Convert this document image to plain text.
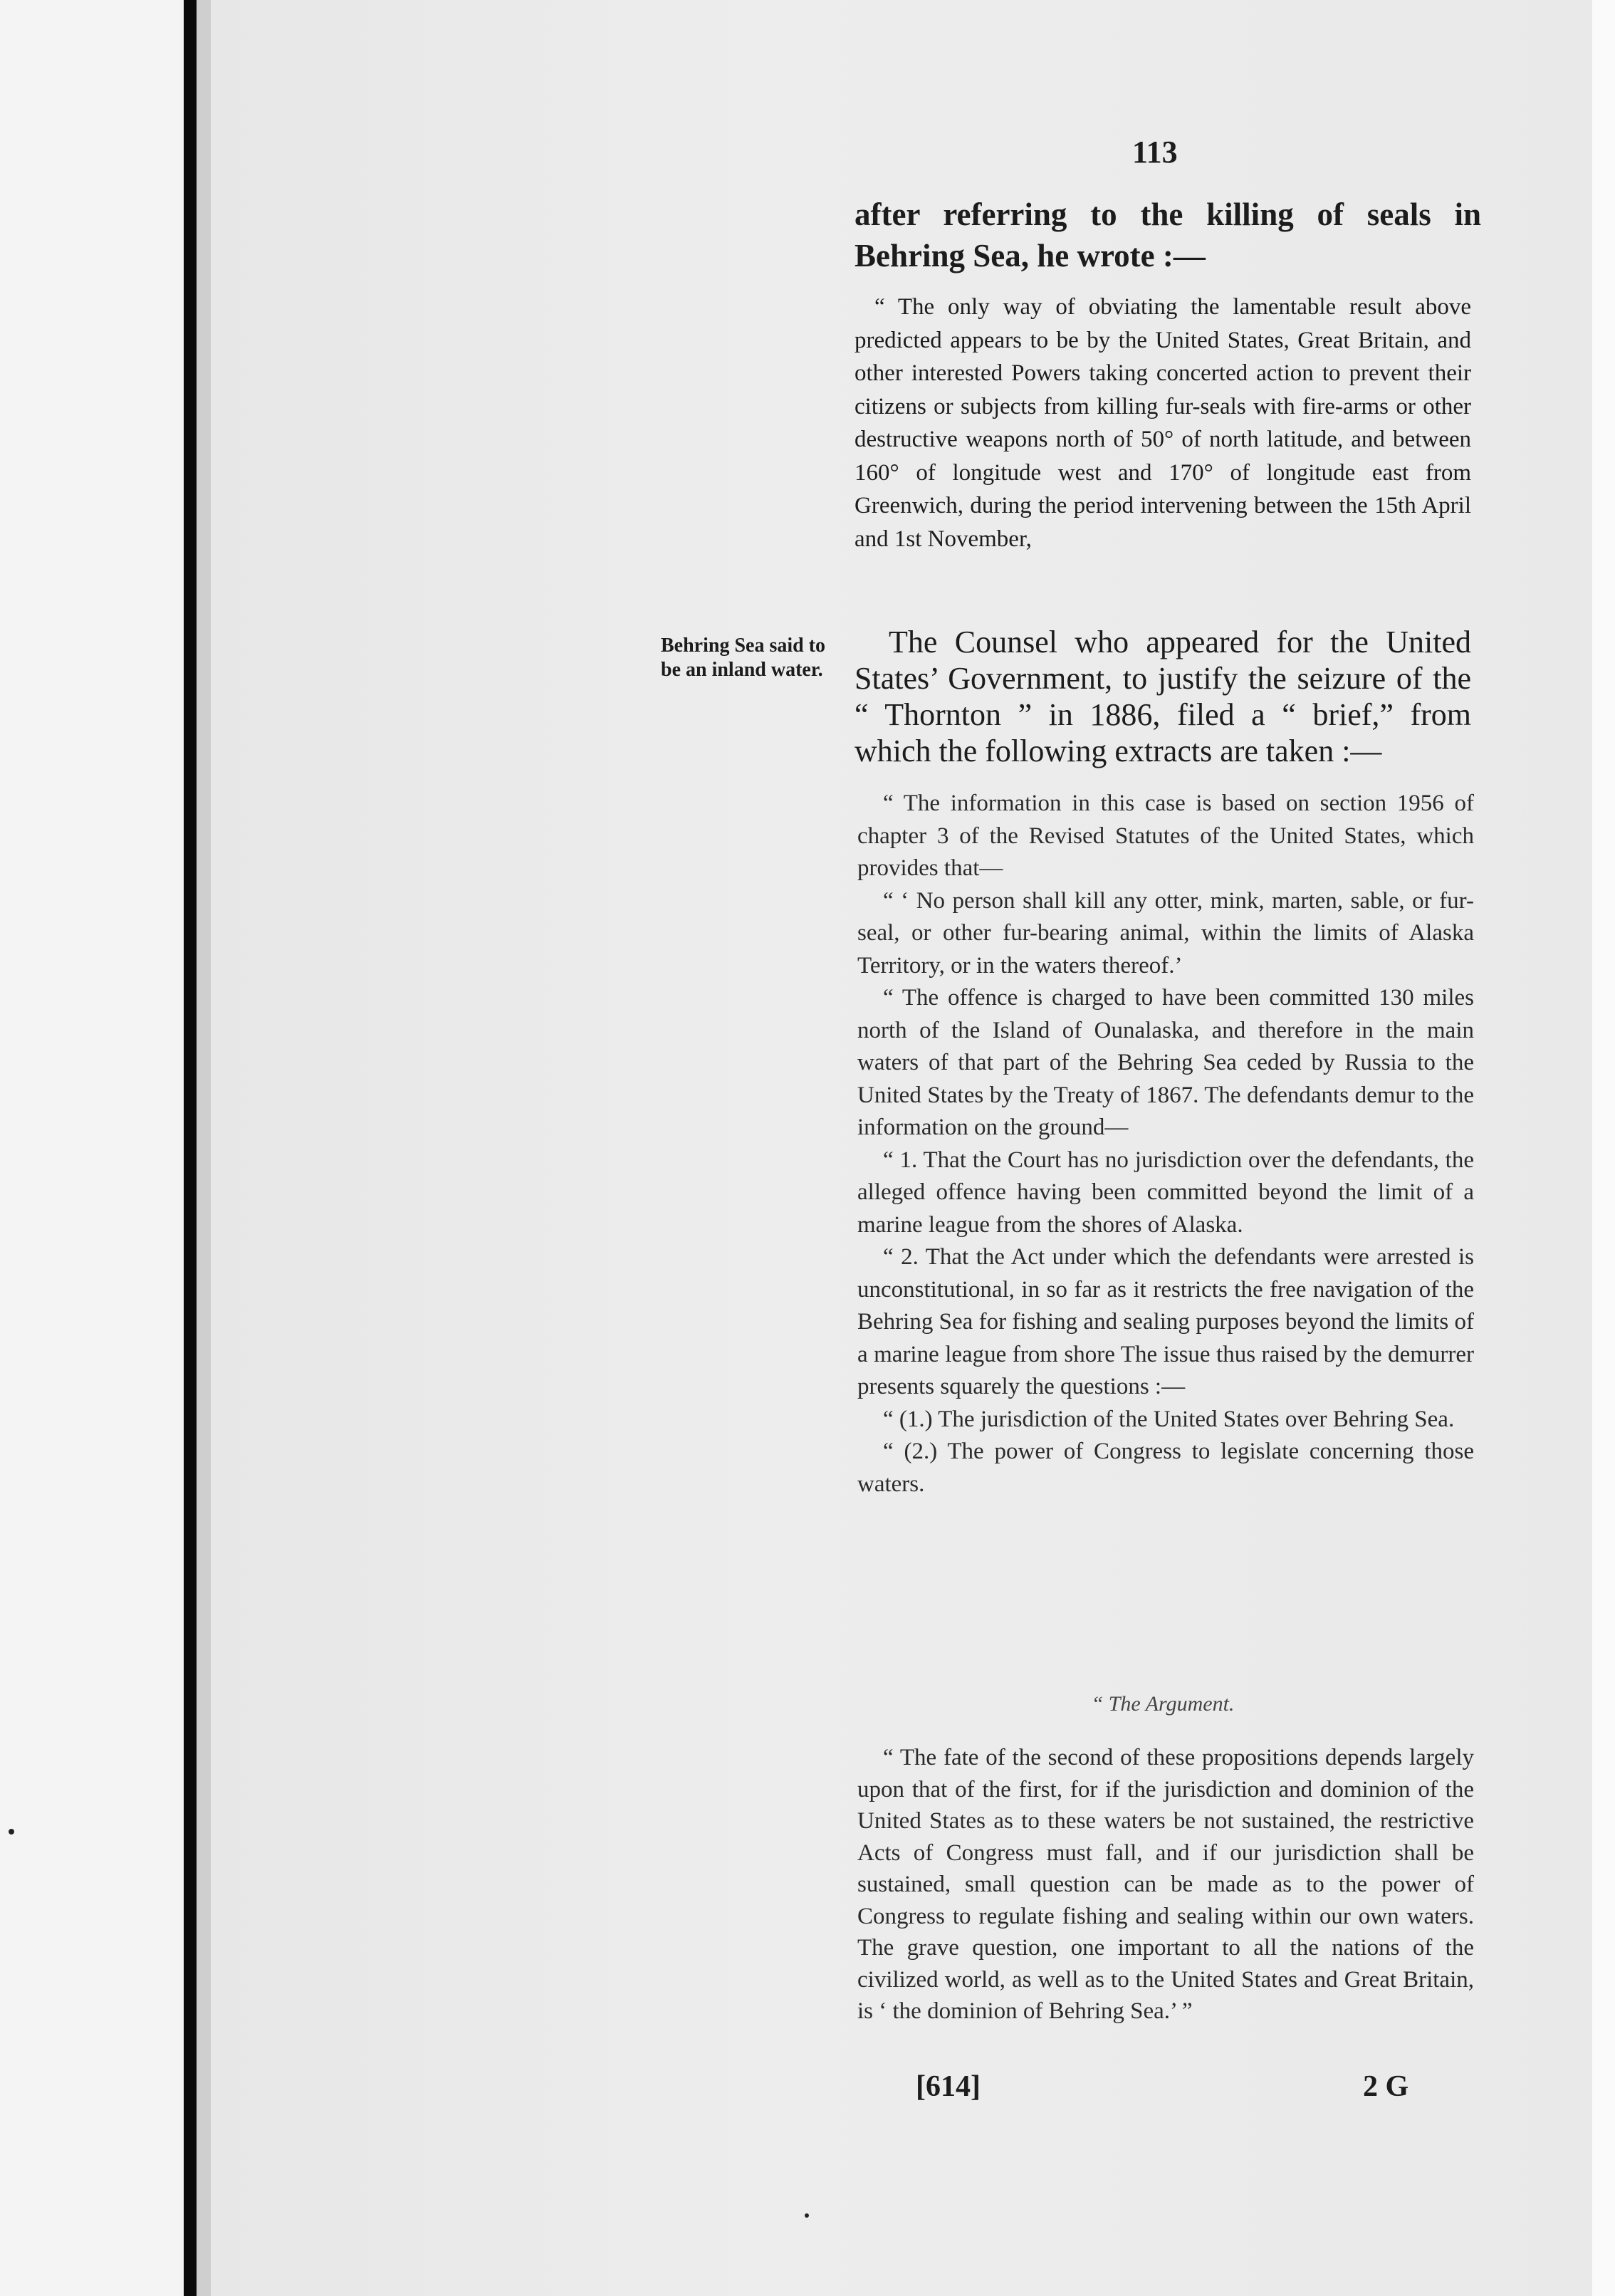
113

after referring to the killing of seals in Behring Sea, he wrote :—

“ The only way of obviating the lamentable result above predicted appears to be by the United States, Great Britain, and other interested Powers taking concerted action to prevent their citizens or subjects from killing fur-seals with fire-arms or other destructive weapons north of 50° of north latitude, and between 160° of longitude west and 170° of longitude east from Greenwich, during the period intervening between the 15th April and 1st November,

Behring Sea said to be an inland water.

The Counsel who appeared for the United States’ Government, to justify the seizure of the “ Thornton ” in 1886, filed a “ brief,” from which the following extracts are taken :—

“ The information in this case is based on section 1956 of chapter 3 of the Revised Statutes of the United States, which provides that—

“ ‘ No person shall kill any otter, mink, marten, sable, or fur-seal, or other fur-bearing animal, within the limits of Alaska Territory, or in the waters thereof.’

“ The offence is charged to have been committed 130 miles north of the Island of Ounalaska, and therefore in the main waters of that part of the Behring Sea ceded by Russia to the United States by the Treaty of 1867. The defendants demur to the information on the ground—

“ 1. That the Court has no jurisdiction over the defendants, the alleged offence having been committed beyond the limit of a marine league from the shores of Alaska.

“ 2. That the Act under which the defendants were arrested is unconstitutional, in so far as it restricts the free navigation of the Behring Sea for fishing and sealing purposes beyond the limits of a marine league from shore The issue thus raised by the demurrer presents squarely the questions :—

“ (1.) The jurisdiction of the United States over Behring Sea.

“ (2.) The power of Congress to legislate concerning those waters.

“ The Argument.

“ The fate of the second of these propositions depends largely upon that of the first, for if the jurisdiction and dominion of the United States as to these waters be not sustained, the restrictive Acts of Congress must fall, and if our jurisdiction shall be sustained, small question can be made as to the power of Congress to regulate fishing and sealing within our own waters. The grave question, one important to all the nations of the civilized world, as well as to the United States and Great Britain, is ‘ the dominion of Behring Sea.’ ”

[614]	2 G
